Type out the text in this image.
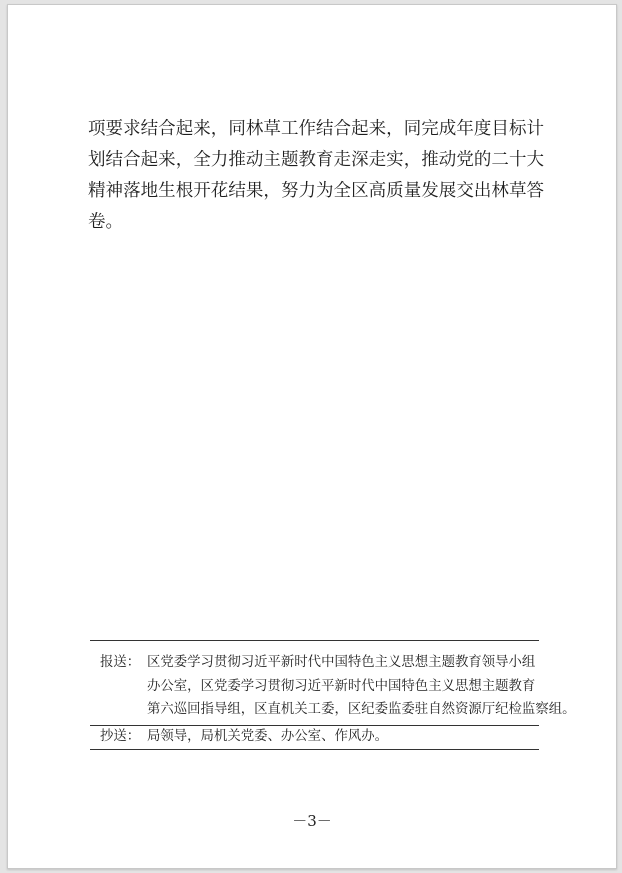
项要求结合起来，同林草工作结合起来，同完成年度目标计
划结合起来，全力推动主题教育走深走实，推动党的二十大
精神落地生根开花结果，努力为全区高质量发展交出林草答
卷。
报送： 区党委学习贯彻习近平新时代中国特色主义思想主题教育领导小组
办公室，区党委学习贯彻习近平新时代中国特色主义思想主题教育
第六巡回指导组，区直机关工委，区纪委监委驻自然资源厅纪检监察组。
抄送： 局领导，局机关党委、办公室、作风办。
－3－
